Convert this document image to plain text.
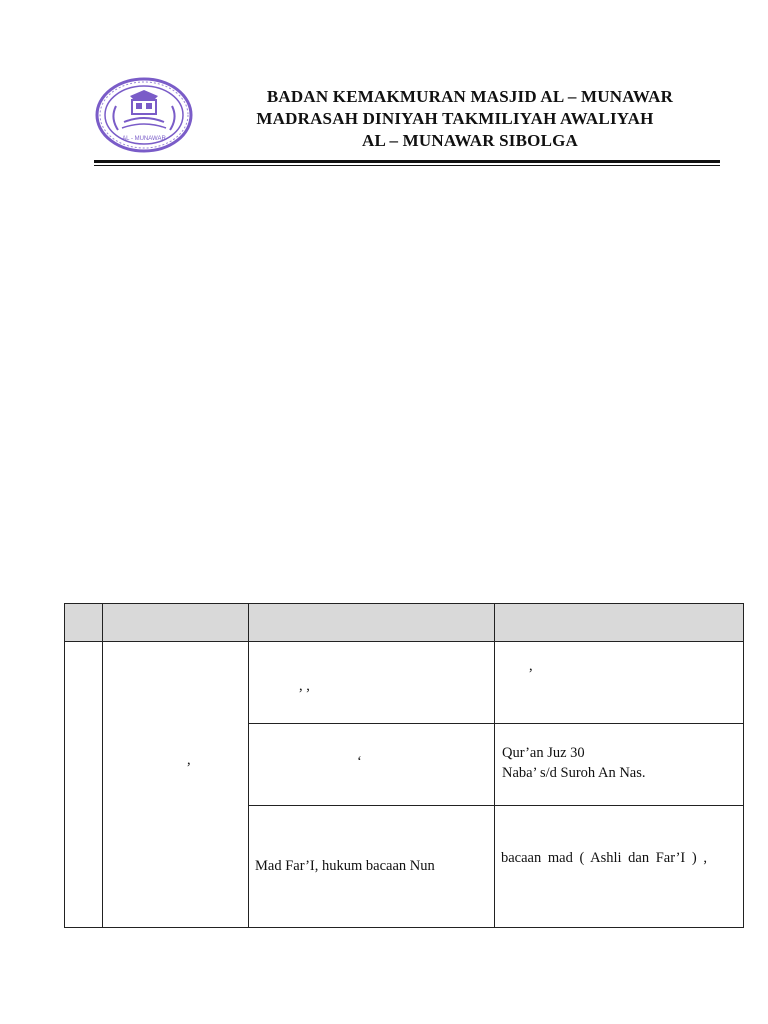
AL - MUNAWAR
BADAN KEMAKMURAN MASJID AL – MUNAWAR
MADRASAH DINIYAH TAKMILIYAH AWALIYAH
AL – MUNAWAR SIBOLGA

	,	, ,	,

		‘	Qur’an Juz 30
Naba’ s/d Suroh An Nas.

		Mad Far’I, hukum bacaan Nun	bacaan mad ( Ashli dan Far’I ) ,
